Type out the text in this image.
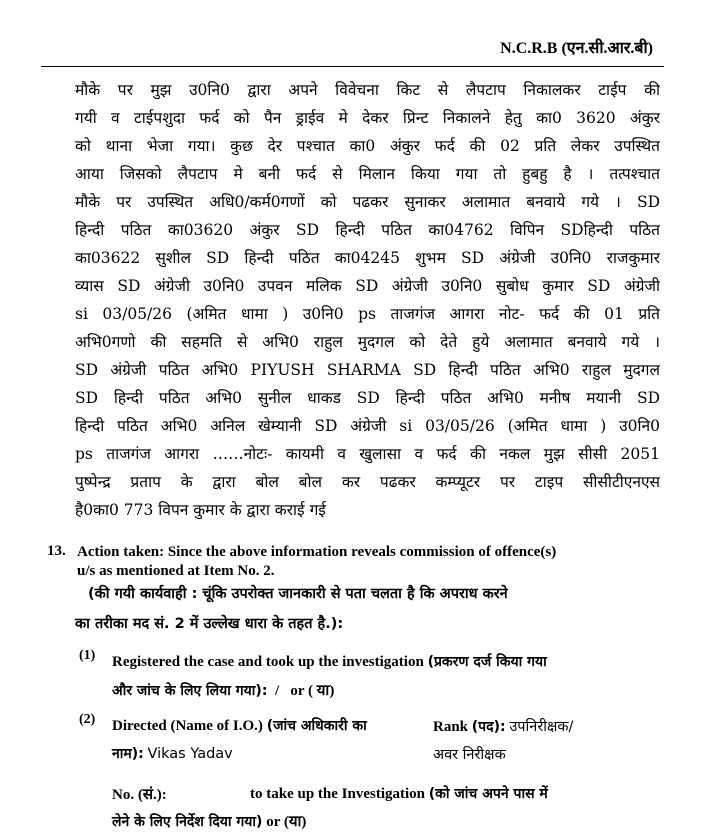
N.C.R.B (एन.सी.आर.बी)
मौके पर मुझ उ0नि0 द्वारा अपने विवेचना किट से लैपटाप निकालकर टाईप की
गयी व टाईपशुदा फर्द को पैन ड्राईव मे देकर प्रिन्ट निकालने हेतु का0 3620 अंकुर
को थाना भेजा गया। कुछ देर पश्चात का0 अंकुर फर्द की 02 प्रति लेकर उपस्थित
आया जिसको लैपटाप मे बनी फर्द से मिलान किया गया तो हुबहु है । तत्पश्चात
मौके पर उपस्थित अधि0/कर्म0गणों को पढकर सुनाकर अलामात बनवाये गये । SD
हिन्दी पठित का03620 अंकुर SD हिन्दी पठित का04762 विपिन SDहिन्दी पठित
का03622 सुशील SD हिन्दी पठित का04245 शुभम SD अंग्रेजी उ0नि0 राजकुमार
व्यास SD अंग्रेजी उ0नि0 उपवन मलिक SD अंग्रेजी उ0नि0 सुबोध कुमार SD अंग्रेजी
si 03/05/26 (अमित धामा ) उ0नि0 ps ताजगंज आगरा नोट- फर्द की 01 प्रति
अभि0गणो की सहमति से अभि0 राहुल मुदगल को देते हुये अलामात बनवाये गये ।
SD अंग्रेजी पठित अभि0 PIYUSH SHARMA SD हिन्दी पठित अभि0 राहुल मुदगल
SD हिन्दी पठित अभि0 सुनील धाकड SD हिन्दी पठित अभि0 मनीष मयानी SD
हिन्दी पठित अभि0 अनिल खेम्यानी SD अंग्रेजी si 03/05/26 (अमित धामा ) उ0नि0
ps ताजगंज आगरा ……नोटः- कायमी व खुलासा व फर्द की नकल मुझ सीसी 2051
पुष्पेन्द्र प्रताप के द्वारा बोल बोल कर पढकर कम्प्यूटर पर टाइप सीसीटीएनएस
है0का0 773 विपन कुमार के द्वारा कराई गई
13. Action taken: Since the above information reveals commission of offence(s)
u/s as mentioned at Item No. 2.
(की गयी कार्यवाही : चूंकि उपरोक्त जानकारी से पता चलता है कि अपराध करने
का तरीका मद सं. 2 में उल्लेख धारा के तहत है.):
(1) Registered the case and took up the investigation (प्रकरण दर्ज किया गया
और जांच के लिए लिया गया):  /   or ( या)
(2) Directed (Name of I.O.) (जांच अधिकारी का
नाम): Vikas Yadav
Rank (पद): उपनिरीक्षक/
अवर निरीक्षक
No. (सं.):	to take up the Investigation (को जांच अपने पास में
लेने के लिए निर्देश दिया गया) or (या)
